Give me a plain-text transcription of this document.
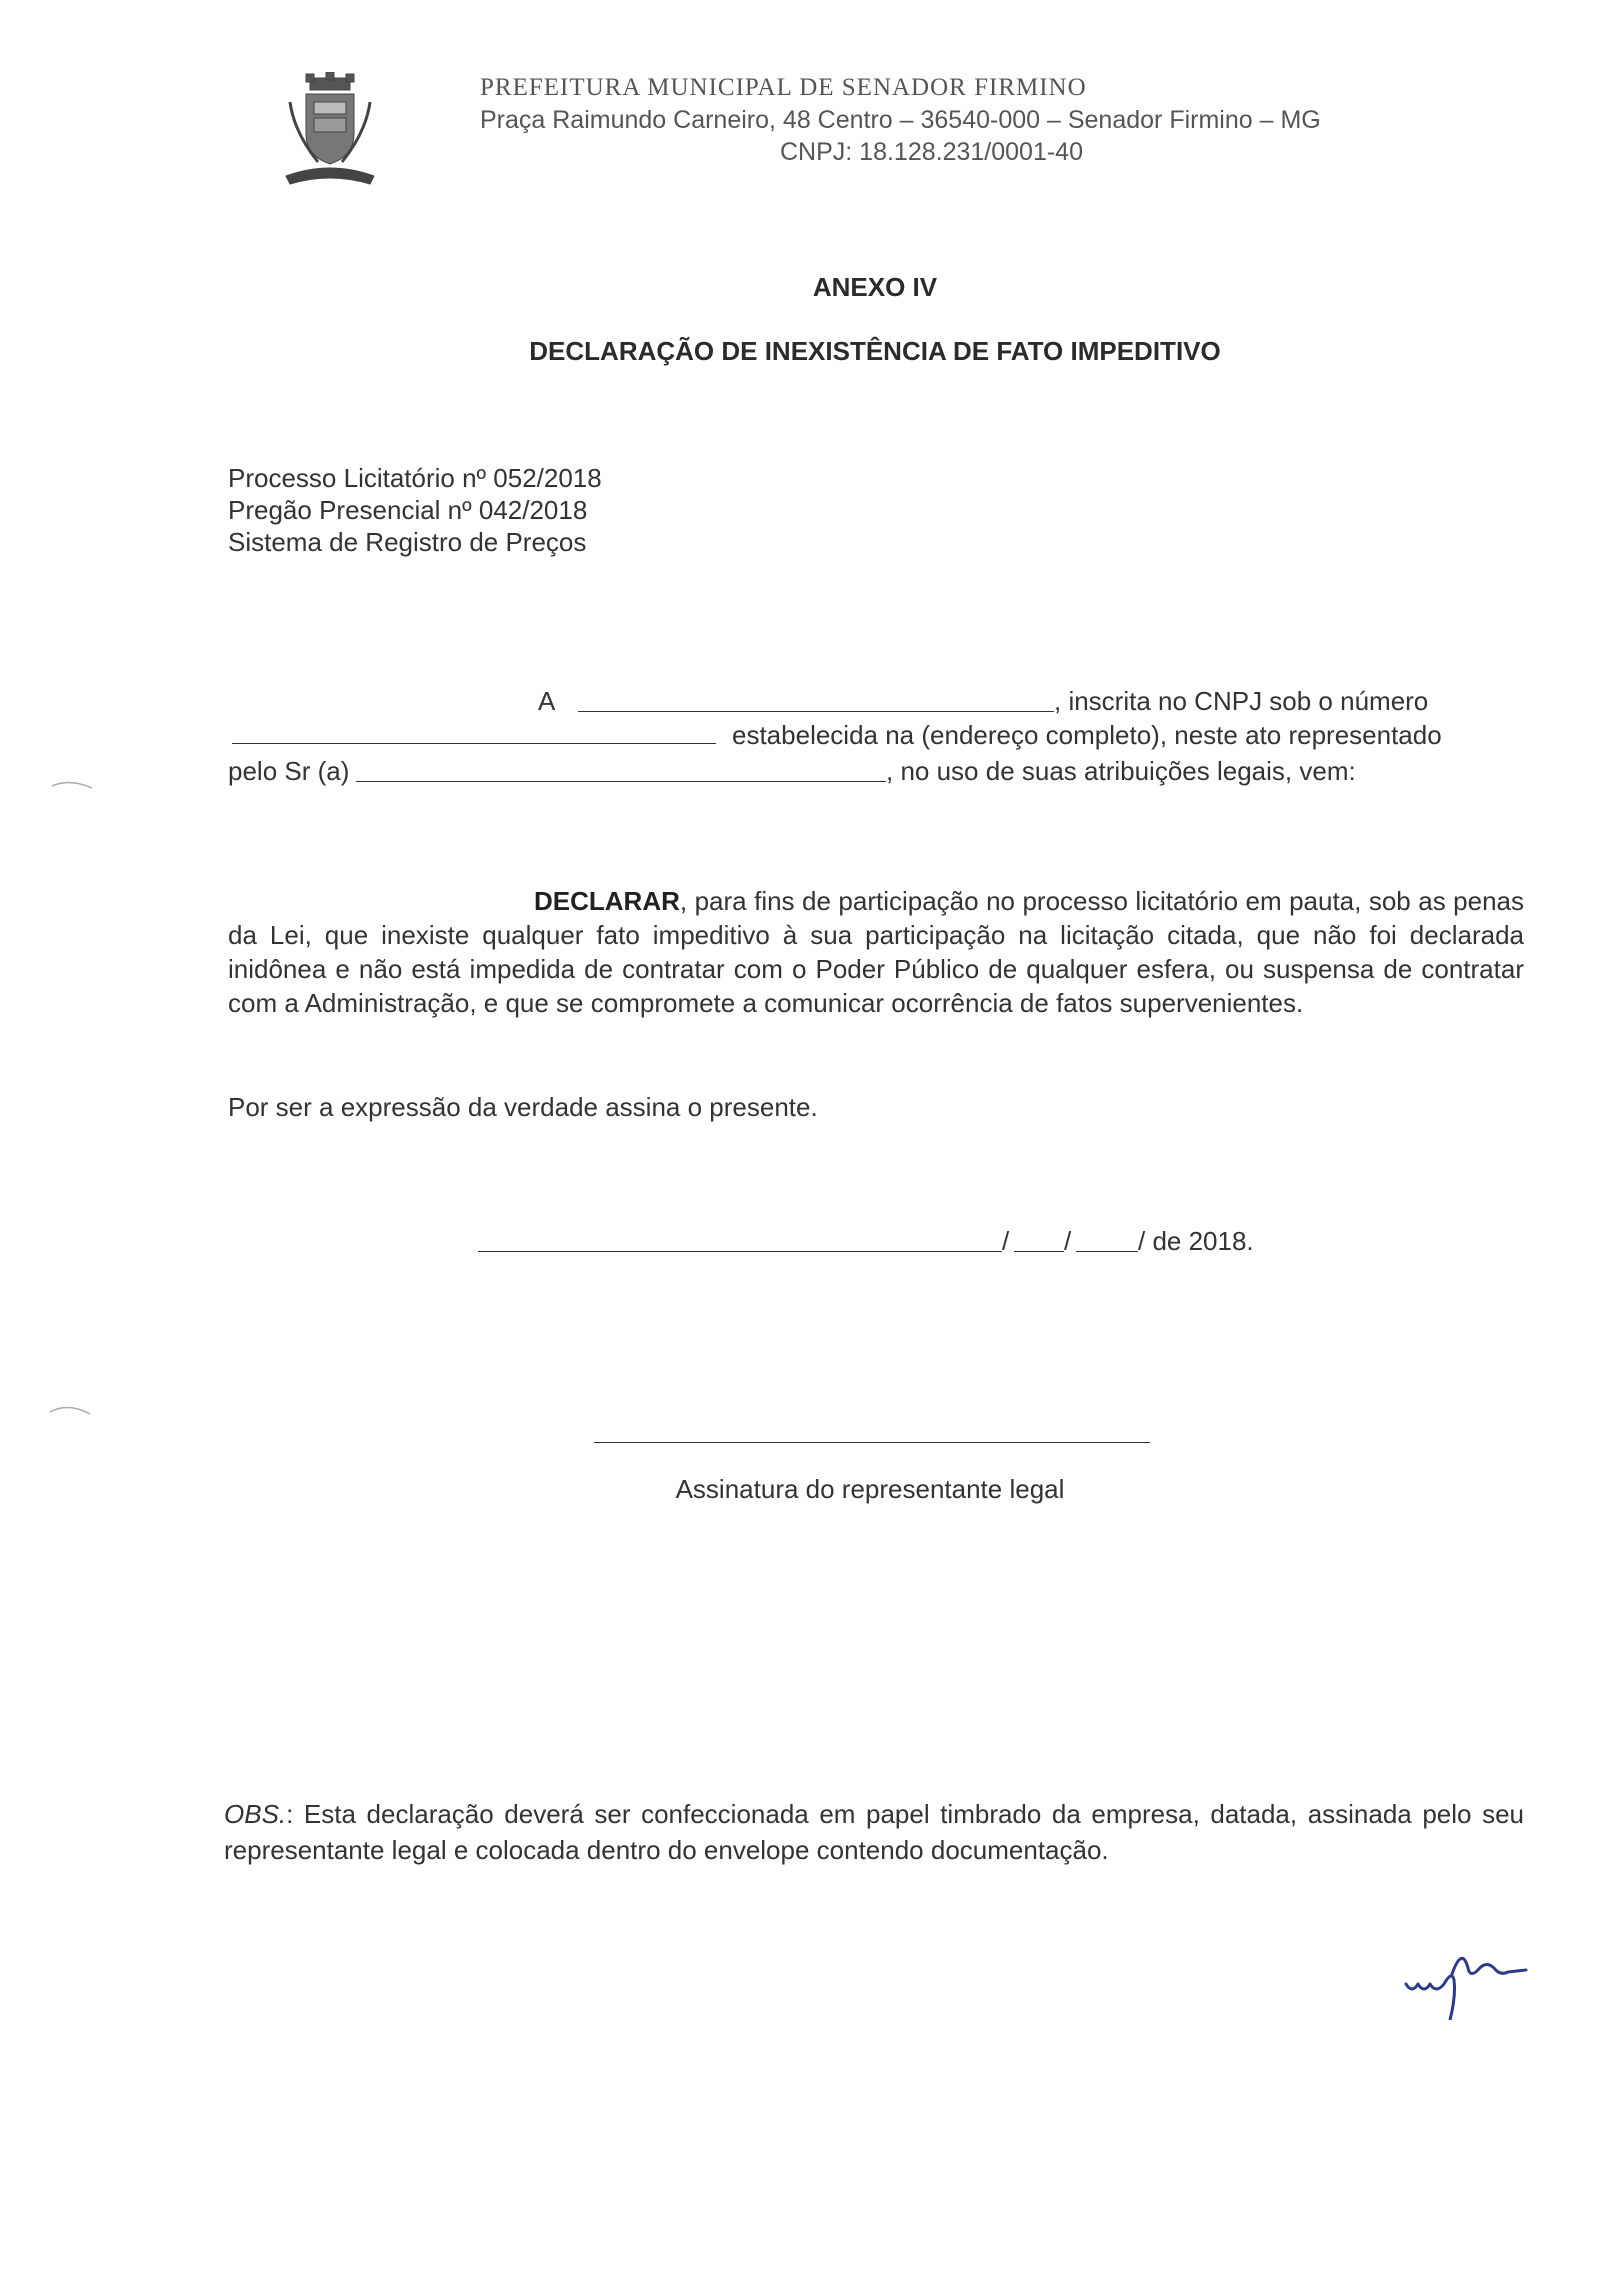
PREFEITURA MUNICIPAL DE SENADOR FIRMINO
Praça Raimundo Carneiro, 48 Centro – 36540-000 – Senador Firmino – MG
CNPJ: 18.128.231/0001-40
ANEXO IV
DECLARAÇÃO DE INEXISTÊNCIA DE FATO IMPEDITIVO
Processo Licitatório nº 052/2018
Pregão Presencial nº 042/2018
Sistema de Registro de Preços
A	, inscrita no CNPJ sob o número
estabelecida na (endereço completo), neste ato representado
pelo Sr (a)	, no uso de suas atribuições legais, vem:
DECLARAR, para fins de participação no processo licitatório em pauta, sob as penas da Lei, que inexiste qualquer fato impeditivo à sua participação na licitação citada, que não foi declarada inidônea e não está impedida de contratar com o Poder Público de qualquer esfera, ou suspensa de contratar com a Administração, e que se compromete a comunicar ocorrência de fatos supervenientes.
Por ser a expressão da verdade assina o presente.
/ /	/ de 2018.
Assinatura do representante legal
OBS.: Esta declaração deverá ser confeccionada em papel timbrado da empresa, datada, assinada pelo seu representante legal e colocada dentro do envelope contendo documentação.
